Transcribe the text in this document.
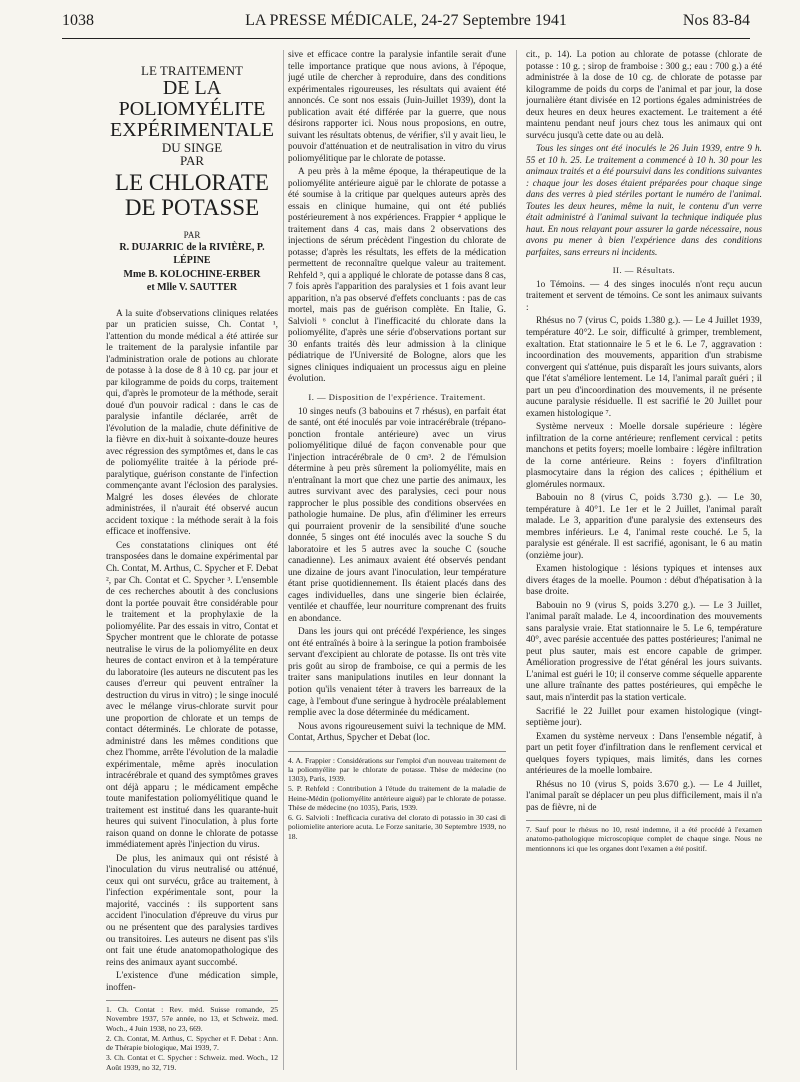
1038	LA PRESSE MÉDICALE, 24-27 Septembre 1941	Nos 83-84
LE TRAITEMENT
DE LA POLIOMYÉLITE
EXPÉRIMENTALE
DU SINGE
PAR
LE CHLORATE DE POTASSE
PAR
R. DUJARRIC de la RIVIÈRE, P. LÉPINE
Mme B. KOLOCHINE-ERBER
et Mlle V. SAUTTER

A la suite d'observations cliniques relatées par un praticien suisse, Ch. Contat ¹, l'attention du monde médical a été attirée sur le traitement de la paralysie infantile par l'administration orale de potions au chlorate de potasse à la dose de 8 à 10 cg. par jour et par kilogramme de poids du corps, traitement qui, d'après le promoteur de la méthode, serait doué d'un pouvoir radical : dans le cas de paralysie infantile déclarée, arrêt de l'évolution de la maladie, chute définitive de la fièvre en dix-huit à soixante-douze heures avec régression des symptômes et, dans le cas de poliomyélite traitée à la période pré-paralytique, guérison constante de l'infection commençante avant l'éclosion des paralysies. Malgré les doses élevées de chlorate administrées, il n'aurait été observé aucun accident toxique : la méthode serait à la fois efficace et inoffensive.

Ces constatations cliniques ont été transposées dans le domaine expérimental par Ch. Contat, M. Arthus, C. Spycher et F. Debat ², par Ch. Contat et C. Spycher ³. L'ensemble de ces recherches aboutit à des conclusions dont la portée pouvait être considérable pour le traitement et la prophylaxie de la poliomyélite. Par des essais in vitro, Contat et Spycher montrent que le chlorate de potasse neutralise le virus de la poliomyélite en deux heures de contact environ et à la température du laboratoire (les auteurs ne discutent pas les causes d'erreur qui peuvent entraîner la destruction du virus in vitro) ; le singe inoculé avec le mélange virus-chlorate survit pour une proportion de chlorate et un temps de contact déterminés. Le chlorate de potasse, administré dans les mêmes conditions que chez l'homme, arrête l'évolution de la maladie expérimentale, même après inoculation intracérébrale et quand des symptômes graves ont déjà apparu ; le médicament empêche toute manifestation poliomyélitique quand le traitement est institué dans les quarante-huit heures qui suivent l'inoculation, à plus forte raison quand on donne le chlorate de potasse immédiatement après l'injection du virus.

De plus, les animaux qui ont résisté à l'inoculation du virus neutralisé ou atténué, ceux qui ont survécu, grâce au traitement, à l'infection expérimentale sont, pour la majorité, vaccinés : ils supportent sans accident l'inoculation d'épreuve du virus pur ou ne présentent que des paralysies tardives ou transitoires. Les auteurs ne disent pas s'ils ont fait une étude anatomopathologique des reins des animaux ayant succombé.

L'existence d'une médication simple, inoffen-

1. Ch. Contat : Rev. méd. Suisse romande, 25 Novembre 1937, 57e année, no 13, et Schweiz. med. Woch., 4 Juin 1938, no 23, 669.

2. Ch. Contat, M. Arthus, C. Spycher et F. Debat : Ann. de Thérapie biologique, Mai 1939, 7.

3. Ch. Contat et C. Spycher : Schweiz. med. Woch., 12 Août 1939, no 32, 719.

sive et efficace contre la paralysie infantile serait d'une telle importance pratique que nous avions, à l'époque, jugé utile de chercher à reproduire, dans des conditions expérimentales rigoureuses, les résultats qui avaient été annoncés. Ce sont nos essais (Juin-Juillet 1939), dont la publication avait été différée par la guerre, que nous désirons rapporter ici. Nous nous proposions, en outre, suivant les résultats obtenus, de vérifier, s'il y avait lieu, le pouvoir d'atténuation et de neutralisation in vitro du virus poliomyélitique par le chlorate de potasse.

A peu près à la même époque, la thérapeutique de la poliomyélite antérieure aiguë par le chlorate de potasse a été soumise à la critique par quelques auteurs après des essais en clinique humaine, qui ont été publiés postérieurement à nos expériences. Frappier ⁴ applique le traitement dans 4 cas, mais dans 2 observations des injections de sérum précèdent l'ingestion du chlorate de potasse; d'après les résultats, les effets de la médication permettent de reconnaître quelque valeur au traitement. Rehfeld ⁵, qui a appliqué le chlorate de potasse dans 8 cas, 7 fois après l'apparition des paralysies et 1 fois avant leur apparition, n'a pas observé d'effets concluants : pas de cas mortel, mais pas de guérison complète. En Italie, G. Salvioli ⁶ conclut à l'inefficacité du chlorate dans la poliomyélite, d'après une série d'observations portant sur 30 enfants traités dès leur admission à la clinique pédiatrique de l'Université de Bologne, alors que les signes cliniques indiquaient un processus aigu en pleine évolution.

I. — Disposition de l'expérience. Traitement.

10 singes neufs (3 babouins et 7 rhésus), en parfait état de santé, ont été inoculés par voie intracérébrale (trépano-ponction frontale antérieure) avec un virus poliomyélitique dilué de façon convenable pour que l'injection intracérébrale de 0 cm³. 2 de l'émulsion détermine à peu près sûrement la poliomyélite, mais en n'entraînant la mort que chez une partie des animaux, les autres survivant avec des paralysies, ceci pour nous rapprocher le plus possible des conditions observées en pathologie humaine. De plus, afin d'éliminer les erreurs qui pourraient provenir de la sensibilité d'une souche donnée, 5 singes ont été inoculés avec la souche S du laboratoire et les 5 autres avec la souche C (souche canadienne). Les animaux avaient été observés pendant une dizaine de jours avant l'inoculation, leur température étant prise quotidiennement. Ils étaient placés dans des cages individuelles, dans une singerie bien éclairée, ventilée et chauffée, leur nourriture comprenant des fruits en abondance.

Dans les jours qui ont précédé l'expérience, les singes ont été entraînés à boire à la seringue la potion framboisée servant d'excipient au chlorate de potasse. Ils ont très vite pris goût au sirop de framboise, ce qui a permis de les traiter sans manipulations inutiles en leur donnant la potion qu'ils venaient téter à travers les barreaux de la cage, à l'embout d'une seringue à hydrocèle préalablement remplie avec la dose déterminée du médicament.

Nous avons rigoureusement suivi la technique de MM. Contat, Arthus, Spycher et Debat (loc.

4. A. Frappier : Considérations sur l'emploi d'un nouveau traitement de la poliomyélite par le chlorate de potasse. Thèse de médecine (no 1303), Paris, 1939.

5. P. Rehfeld : Contribution à l'étude du traitement de la maladie de Heine-Médin (poliomyélite antérieure aiguë) par le chlorate de potasse. Thèse de médecine (no 1035), Paris, 1939.

6. G. Salvioli : Inefficacia curativa del clorato di potassio in 30 casi di poliomielite anteriore acuta. Le Forze sanitarie, 30 Septembre 1939, no 18.

cit., p. 14). La potion au chlorate de potasse (chlorate de potasse : 10 g. ; sirop de framboise : 300 g.; eau : 700 g.) a été administrée à la dose de 10 cg. de chlorate de potasse par kilogramme de poids du corps de l'animal et par jour, la dose journalière étant divisée en 12 portions égales administrées de deux heures en deux heures exactement. Le traitement a été maintenu pendant neuf jours chez tous les animaux qui ont survécu jusqu'à cette date ou au delà.

Tous les singes ont été inoculés le 26 Juin 1939, entre 9 h. 55 et 10 h. 25. Le traitement a commencé à 10 h. 30 pour les animaux traités et a été poursuivi dans les conditions suivantes : chaque jour les doses étaient préparées pour chaque singe dans des verres à pied stériles portant le numéro de l'animal. Toutes les deux heures, même la nuit, le contenu d'un verre était administré à l'animal suivant la technique indiquée plus haut. En nous relayant pour assurer la garde nécessaire, nous avons pu mener à bien l'expérience dans des conditions parfaites, sans erreurs ni incidents.

II. — Résultats.

1o Témoins. — 4 des singes inoculés n'ont reçu aucun traitement et servent de témoins. Ce sont les animaux suivants :

Rhésus no 7 (virus C, poids 1.380 g.). — Le 4 Juillet 1939, température 40°2. Le soir, difficulté à grimper, tremblement, exaltation. Etat stationnaire le 5 et le 6. Le 7, aggravation : incoordination des mouvements, apparition d'un strabisme convergent qui s'atténue, puis disparaît les jours suivants, alors que l'état s'améliore lentement. Le 14, l'animal paraît guéri ; il part un peu d'incoordination des mouvements, il ne présente aucune paralysie résiduelle. Il est sacrifié le 20 Juillet pour examen histologique ⁷.

Système nerveux : Moelle dorsale supérieure : légère infiltration de la corne antérieure; renflement cervical : petits manchons et petits foyers; moelle lombaire : légère infiltration de la corne antérieure. Reins : foyers d'infiltration plasmocytaire dans la région des calices ; épithélium et glomérules normaux.

Babouin no 8 (virus C, poids 3.730 g.). — Le 30, température à 40°1. Le 1er et le 2 Juillet, l'animal paraît malade. Le 3, apparition d'une paralysie des extenseurs des membres inférieurs. Le 4, l'animal reste couché. Le 5, la paralysie est générale. Il est sacrifié, agonisant, le 6 au matin (onzième jour).

Examen histologique : lésions typiques et intenses aux divers étages de la moelle. Poumon : début d'hépatisation à la base droite.

Babouin no 9 (virus S, poids 3.270 g.). — Le 3 Juillet, l'animal paraît malade. Le 4, incoordination des mouvements sans paralysie vraie. Etat stationnaire le 5. Le 6, température 40°, avec parésie accentuée des pattes postérieures; l'animal ne peut plus sauter, mais est encore capable de grimper. Amélioration progressive de l'état général les jours suivants. L'animal est guéri le 10; il conserve comme séquelle apparente une allure traînante des pattes postérieures, qui empêche le saut, mais n'interdit pas la station verticale.

Sacrifié le 22 Juillet pour examen histologique (vingt-septième jour).

Examen du système nerveux : Dans l'ensemble négatif, à part un petit foyer d'infiltration dans le renflement cervical et quelques foyers typiques, mais limités, dans les cornes antérieures de la moelle lombaire.

Rhésus no 10 (virus S, poids 3.670 g.). — Le 4 Juillet, l'animal paraît se déplacer un peu plus difficilement, mais il n'a pas de fièvre, ni de

7. Sauf pour le rhésus no 10, resté indemne, il a été procédé à l'examen anatomo-pathologique microscopique complet de chaque singe. Nous ne mentionnons ici que les organes dont l'examen a été positif.
